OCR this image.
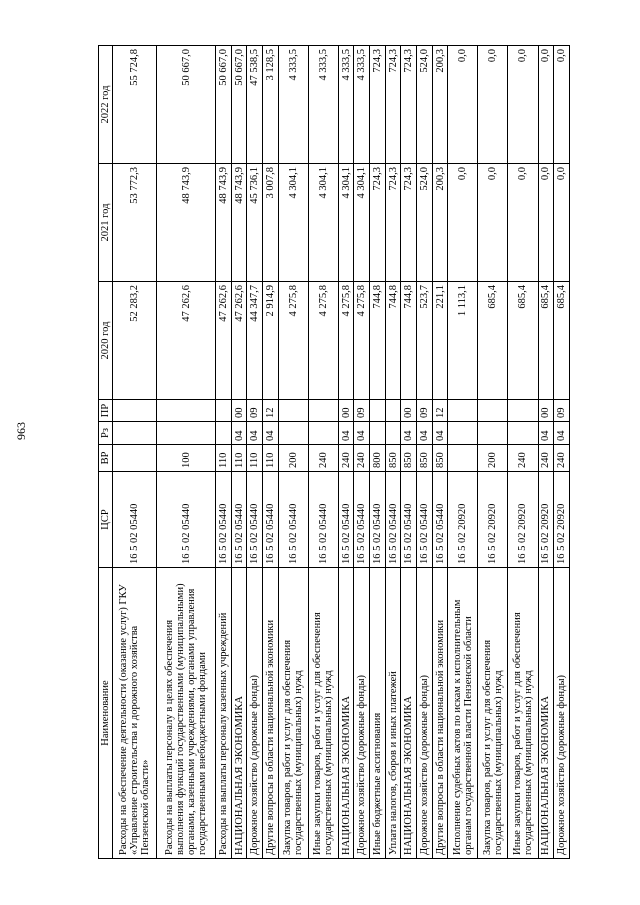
963
Наименование	ЦСР	ВР	Рз	ПР	2020 год	2021 год	2022 год
Расходы на обеспечение деятельности (оказание услуг) ГКУ «Управление строительства и дорожного хозяйства Пензенской области»	16 5 02 05440				52 283,2	53 772,3	55 724,8
Расходы на выплаты персоналу в целях обеспечения выполнения функций государственными (муниципальными) органами, казенными учреждениями, органами управления государственными внебюджетными фондами	16 5 02 05440	100			47 262,6	48 743,9	50 667,0
Расходы на выплаты персоналу казенных учреждений	16 5 02 05440	110			47 262,6	48 743,9	50 667,0
НАЦИОНАЛЬНАЯ ЭКОНОМИКА	16 5 02 05440	110	04	00	47 262,6	48 743,9	50 667,0
Дорожное хозяйство (дорожные фонды)	16 5 02 05440	110	04	09	44 347,7	45 736,1	47 538,5
Другие вопросы в области национальной экономики	16 5 02 05440	110	04	12	2 914,9	3 007,8	3 128,5
Закупка товаров, работ и услуг для обеспечения государственных (муниципальных) нужд	16 5 02 05440	200			4 275,8	4 304,1	4 333,5
Иные закупки товаров, работ и услуг для обеспечения государственных (муниципальных) нужд	16 5 02 05440	240			4 275,8	4 304,1	4 333,5
НАЦИОНАЛЬНАЯ ЭКОНОМИКА	16 5 02 05440	240	04	00	4 275,8	4 304,1	4 333,5
Дорожное хозяйство (дорожные фонды)	16 5 02 05440	240	04	09	4 275,8	4 304,1	4 333,5
Иные бюджетные ассигнования	16 5 02 05440	800			744,8	724,3	724,3
Уплата налогов, сборов и иных платежей	16 5 02 05440	850			744,8	724,3	724,3
НАЦИОНАЛЬНАЯ ЭКОНОМИКА	16 5 02 05440	850	04	00	744,8	724,3	724,3
Дорожное хозяйство (дорожные фонды)	16 5 02 05440	850	04	09	523,7	524,0	524,0
Другие вопросы в области национальной экономики	16 5 02 05440	850	04	12	221,1	200,3	200,3
Исполнение судебных актов по искам к исполнительным органам государственной власти Пензенской области	16 5 02 20920				1 113,1	0,0	0,0
Закупка товаров, работ и услуг для обеспечения государственных (муниципальных) нужд	16 5 02 20920	200			685,4	0,0	0,0
Иные закупки товаров, работ и услуг для обеспечения государственных (муниципальных) нужд	16 5 02 20920	240			685,4	0,0	0,0
НАЦИОНАЛЬНАЯ ЭКОНОМИКА	16 5 02 20920	240	04	00	685,4	0,0	0,0
Дорожное хозяйство (дорожные фонды)	16 5 02 20920	240	04	09	685,4	0,0	0,0
